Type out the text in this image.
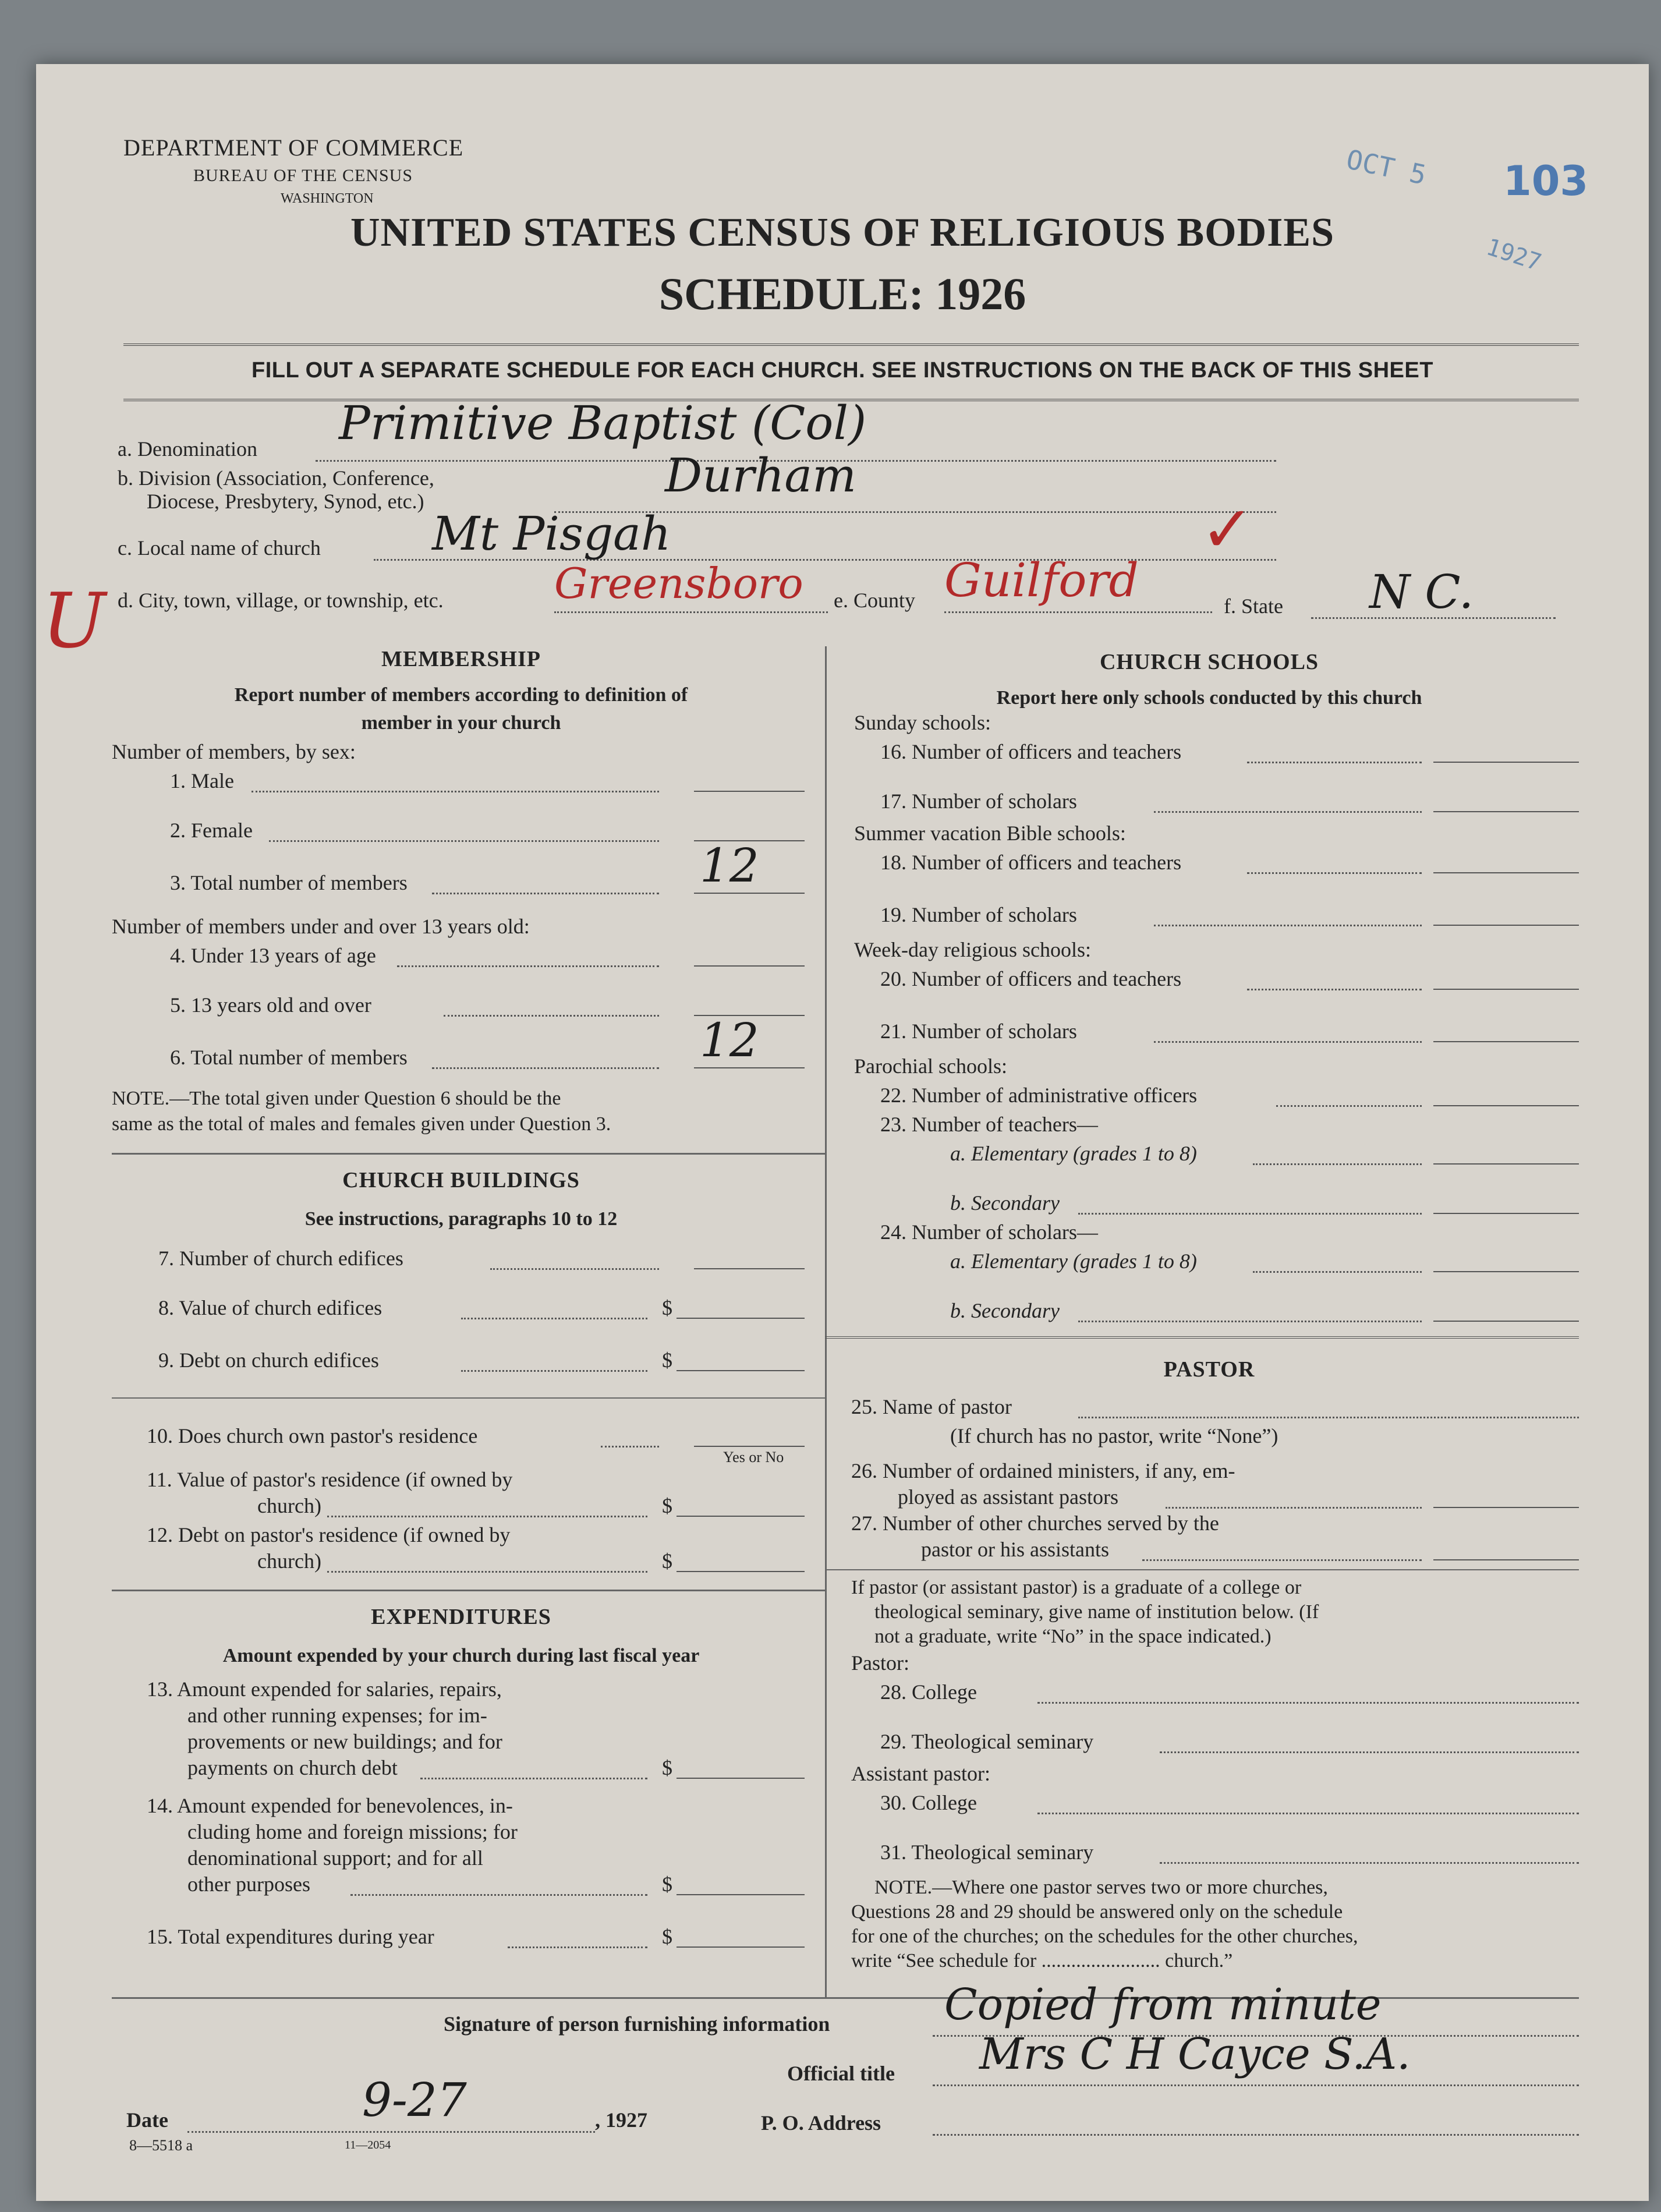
DEPARTMENT OF COMMERCE
BUREAU OF THE CENSUS
WASHINGTON
OCT 5 103
1927
UNITED STATES CENSUS OF RELIGIOUS BODIES
SCHEDULE: 1926
FILL OUT A SEPARATE SCHEDULE FOR EACH CHURCH. SEE INSTRUCTIONS ON THE BACK OF THIS SHEET
a. Denomination Primitive Baptist (Col)
b. Division (Association, Conference,
Diocese, Presbytery, Synod, etc.)	Durham
c. Local name of church Mt Pisgah	✓
U d. City, town, village, or township, etc.	Greensboro e. County Guilford	f. State N C.
MEMBERSHIP
Report number of members according to definition of
member in your church
Number of members, by sex:
1. Male
2. Female
3. Total number of members	12
Number of members under and over 13 years old:
4. Under 13 years of age
5. 13 years old and over
6. Total number of members	12
NOTE.—The total given under Question 6 should be the
same as the total of males and females given under Question 3.
CHURCH BUILDINGS
See instructions, paragraphs 10 to 12
7. Number of church edifices
8. Value of church edifices	$
9. Debt on church edifices	$
10. Does church own pastor's residence
Yes or No
11. Value of pastor's residence (if owned by
church)	$
12. Debt on pastor's residence (if owned by
church)	$
EXPENDITURES
Amount expended by your church during last fiscal year
13. Amount expended for salaries, repairs,
and other running expenses; for im-
provements or new buildings; and for
payments on church debt	$
14. Amount expended for benevolences, in-
cluding home and foreign missions; for
denominational support; and for all
other purposes	$
15. Total expenditures during year	$
CHURCH SCHOOLS
Report here only schools conducted by this church
Sunday schools:
16. Number of officers and teachers
17. Number of scholars
Summer vacation Bible schools:
18. Number of officers and teachers
19. Number of scholars
Week-day religious schools:
20. Number of officers and teachers
21. Number of scholars
Parochial schools:
22. Number of administrative officers
23. Number of teachers—
a. Elementary (grades 1 to 8)
b. Secondary
24. Number of scholars—
a. Elementary (grades 1 to 8)
b. Secondary
PASTOR
25. Name of pastor
(If church has no pastor, write “None”)
26. Number of ordained ministers, if any, em-
ployed as assistant pastors
27. Number of other churches served by the
pastor or his assistants
If pastor (or assistant pastor) is a graduate of a college or
theological seminary, give name of institution below. (If
not a graduate, write “No” in the space indicated.)
Pastor:
28. College
29. Theological seminary
Assistant pastor:
30. College
31. Theological seminary
NOTE.—Where one pastor serves two or more churches,
Questions 28 and 29 should be answered only on the schedule
for one of the churches; on the schedules for the other churches,
write “See schedule for ........................ church.”
Signature of person furnishing information	Copied from minute
Official title Mrs C H Cayce S.A.
Date	9-27	, 1927	P. O. Address
8—5518 a	11—2054
